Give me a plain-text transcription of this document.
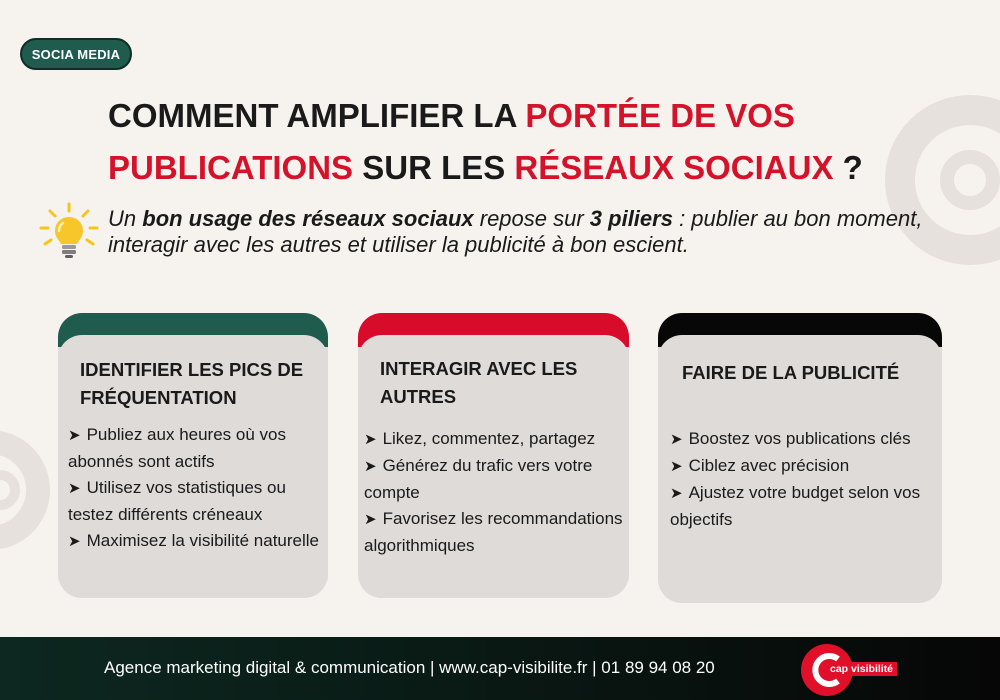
SOCIA MEDIA
COMMENT AMPLIFIER LA PORTÉE DE VOS PUBLICATIONS SUR LES RÉSEAUX SOCIAUX ?

Un bon usage des réseaux sociaux repose sur 3 piliers : publier au bon moment, interagir avec les autres et utiliser la publicité à bon escient.

IDENTIFIER LES PICS DE FRÉQUENTATION
➤ Publiez aux heures où vos abonnés sont actifs
➤ Utilisez vos statistiques ou testez différents créneaux
➤ Maximisez la visibilité naturelle
INTERAGIR AVEC LES AUTRES
➤ Likez, commentez, partagez
➤ Générez du trafic vers votre compte
➤ Favorisez les recommandations algorithmiques
FAIRE DE LA PUBLICITÉ
➤ Boostez vos publications clés
➤ Ciblez avec précision
➤ Ajustez votre budget selon vos objectifs
Agence marketing digital & communication | www.cap-visibilite.fr | 01 89 94 08 20	cap visibilité
